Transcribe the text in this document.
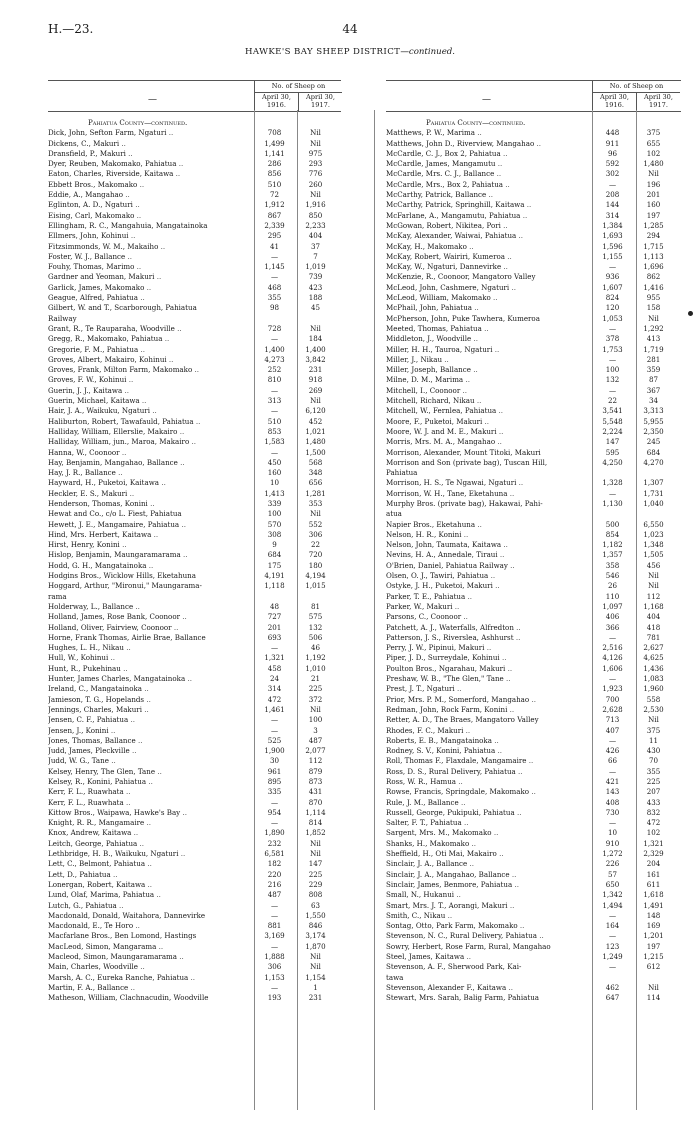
H.—23.	44
HAWKE'S BAY SHEEP DISTRICT—continued.
—
No. of Sheep on
April 30,
1916.
April 30,
1917.	—
No. of Sheep on
April 30,
1916.
April 30,
1917.
Pahiatua County—continued.
Dick, John, Sefton Farm, Ngaturi ..	708	Nil
Dickens, C., Makuri ..	1,499	Nil
Dransfield, P., Makuri ..	1,141	975
Dyer, Reuben, Makomako, Pahiatua ..	286	293
Eaton, Charles, Riverside, Kaitawa ..	856	776
Ebbett Bros., Makomako ..	510	260
Eddie, A., Mangahao ..	72	Nil
Eglinton, A. D., Ngaturi ..	1,912	1,916
Eising, Carl, Makomako ..	867	850
Ellingham, R. C., Mangahuia, Mangatainoka	2,339	2,233
Ellmers, John, Kohinui ..	295	404
Fitzsimmonds, W. M., Makaiho ..	41	37
Foster, W. J., Ballance ..	—	7
Fouhy, Thomas, Marimo ..	1,145	1,019
Gardner and Yeoman, Makuri ..	—	739
Garlick, James, Makomako ..	468	423
Geague, Alfred, Pahiatua ..	355	188
Gilbert, W. and T., Scarborough, Pahiatua	98	45
Railway
Grant, R., Te Rauparaha, Woodville ..	728	Nil
Gregg, R., Makomako, Pahiatua ..	—	184
Gregorie, F. M., Pahiatua ..	1,400	1,400
Groves, Albert, Makairo, Kohinui ..	4,273	3,842
Groves, Frank, Milton Farm, Makomako ..	252	231
Groves, F. W., Kohinui ..	810	918
Guerin, J. J., Kaitawa ..	—	269
Guerin, Michael, Kaitawa ..	313	Nil
Hair, J. A., Waikuku, Ngaturi ..	—	6,120
Haliburton, Robert, Tawafauld, Pahiatua ..	510	452
Halliday, William, Ellerslie, Makairo ..	853	1,021
Halliday, William, jun., Maroa, Makairo ..	1,583	1,480
Hanna, W., Coonoor ..	—	1,500
Hay, Benjamin, Mangahao, Ballance ..	450	568
Hay, J. R., Ballance ..	160	348
Hayward, H., Puketoi, Kaitawa ..	10	656
Heckler, E. S., Makuri ..	1,413	1,281
Henderson, Thomas, Konini ..	339	353
Hewat and Co., c/o L. Fiest, Pahiatua	100	Nil
Hewett, J. E., Mangamaire, Pahiatua ..	570	552
Hind, Mrs. Herbert, Kaitawa ..	308	306
Hirst, Henry, Konini ..	9	22
Hislop, Benjamin, Maungaramarama ..	684	720
Hodd, G. H., Mangatainoka ..	175	180
Hodgins Bros., Wicklow Hills, Eketahuna	4,191	4,194
Hoggard, Arthur, "Mironui," Maungarama-	1,118	1,015
rama
Holderway, L., Ballance ..	48	81
Holland, James, Rose Bank, Coonoor ..	727	575
Holland, Oliver, Fairview, Coonoor ..	201	132
Horne, Frank Thomas, Airlie Brae, Ballance	693	506
Hughes, L. H., Nikau ..	—	46
Hull, W., Kohinui ..	1,321	1,192
Hunt, R., Pukehinau ..	458	1,010
Hunter, James Charles, Mangatainoka ..	24	21
Ireland, C., Mangatainoka ..	314	225
Jamieson, T. G., Hopelands ..	472	372
Jennings, Charles, Makuri ..	1,461	Nil
Jensen, C. F., Pahiatua ..	—	100
Jensen, J., Konini ..	—	3
Jones, Thomas, Ballance ..	525	487
Judd, James, Pleckville ..	1,900	2,077
Judd, W. G., Tane ..	30	112
Kelsey, Henry, The Glen, Tane ..	961	879
Kelsey, R., Konini, Pahiatua ..	895	873
Kerr, F. L., Ruawhata ..	335	431
Kerr, F. L., Ruawhata ..	—	870
Kittow Bros., Waipawa, Hawke's Bay ..	954	1,114
Knight, R. R., Mangamaire ..	—	814
Knox, Andrew, Kaitawa ..	1,890	1,852
Leitch, George, Pahiatua ..	232	Nil
Lethbridge, H. B., Waikuku, Ngaturi ..	6,581	Nil
Lett, C., Belmont, Pahiatua ..	182	147
Lett, D., Pahiatua ..	220	225
Lonergan, Robert, Kaitawa ..	216	229
Lund, Olaf, Marima, Pahiatua ..	487	808
Lutch, G., Pahiatua ..	—	63
Macdonald, Donald, Waitahora, Dannevirke	—	1,550
Macdonald, E., Te Horo ..	881	846
Macfarlane Bros., Ben Lomond, Hastings	3,169	3,174
MacLeod, Simon, Mangarama ..	—	1,870
Macleod, Simon, Maungaramarama ..	1,888	Nil
Main, Charles, Woodville ..	306	Nil
Marsh, A. C., Eureka Ranche, Pahiatua ..	1,153	1,154
Martin, F. A., Ballance ..	—	1
Matheson, William, Clachnacudin, Woodville	193	231
Pahiatua County—continued.
Matthews, P. W., Marima ..	448	375
Matthews, John D., Riverview, Mangahao ..	911	655
McCardle, C. J., Box 2, Pahiatua ..	96	102
McCardle, James, Mangamutu ..	592	1,480
McCardle, Mrs. C. J., Ballance ..	302	Nil
McCardle, Mrs., Box 2, Pahiatua ..	—	196
McCarthy, Patrick, Ballance ..	208	201
McCarthy, Patrick, Springhill, Kaitawa ..	144	160
McFarlane, A., Mangamutu, Pahiatua ..	314	197
McGowan, Robert, Nikitea, Pori ..	1,384	1,285
McKay, Alexander, Waiwai, Pahiatua ..	1,693	294
McKay, H., Makomako ..	1,596	1,715
McKay, Robert, Wairiri, Kumeroa ..	1,155	1,113
McKay, W., Ngaturi, Dannevirke ..	—	1,696
McKenzie, R., Coonoor, Mangatoro Valley	936	862
McLeod, John, Cashmere, Ngaturi ..	1,607	1,416
McLeod, William, Makomako ..	824	955
McPhail, John, Pahiatua ..	120	158
McPherson, John, Puke Tawhera, Kumeroa	1,053	Nil
Meeted, Thomas, Pahiatua ..	—	1,292
Middleton, J., Woodville ..	378	413
Miller, H. H., Tauroa, Ngaturi ..	1,753	1,719
Miller, J., Nikau ..	—	281
Miller, Joseph, Ballance ..	100	359
Milne, D. M., Marima ..	132	87
Mitchell, I., Coonoor ..	—	367
Mitchell, Richard, Nikau ..	22	34
Mitchell, W., Fernlea, Pahiatua ..	3,541	3,313
Moore, F., Puketoi, Makuri ..	5,548	5,955
Moore, W. J. and M. E., Makuri ..	2,224	2,350
Morris, Mrs. M. A., Mangahao ..	147	245
Morrison, Alexander, Mount Titoki, Makuri	595	684
Morrison and Son (private bag), Tuscan Hill,	4,250	4,270
Pahiatua
Morrison, H. S., Te Ngawai, Ngaturi ..	1,328	1,307
Morrison, W. H., Tane, Eketahuna ..	—	1,731
Murphy Bros. (private bag), Hakawai, Pahi-	1,130	1,040
atua
Napier Bros., Eketahuna ..	500	6,550
Nelson, H. R., Konini ..	854	1,023
Nelson, John, Taumata, Kaitawa ..	1,182	1,348
Nevins, H. A., Annedale, Tiraui ..	1,357	1,505
O'Brien, Daniel, Pahiatua Railway ..	358	456
Olsen, O. J., Tawiri, Pahiatua ..	546	Nil
Ostyke, J. H., Puketoi, Makuri ..	26	Nil
Parker, T. E., Pahiatua ..	110	112
Parker, W., Makuri ..	1,097	1,168
Parsons, C., Coonoor ..	406	404
Patchett, A. J., Waterfalls, Alfredton ..	366	418
Patterson, J. S., Riverslea, Ashhurst ..	—	781
Perry, J. W., Pipinui, Makuri ..	2,516	2,627
Piper, J. D., Surreydale, Kohinui ..	4,126	4,625
Poulton Bros., Ngarahau, Makuri ..	1,606	1,436
Preshaw, W. B., "The Glen," Tane ..	—	1,083
Prest, J. T., Ngaturi ..	1,923	1,960
Prior, Mrs. P. M., Somerford, Mangahao ..	700	558
Redman, John, Rock Farm, Konini ..	2,628	2,530
Retter, A. D., The Braes, Mangatoro Valley	713	Nil
Rhodes, F. C., Makuri ..	407	375
Roberts, E. B., Mangatainoka ..	—	11
Rodney, S. V., Konini, Pahiatua ..	426	430
Roll, Thomas F., Flaxdale, Mangamaire ..	66	70
Ross, D. S., Rural Delivery, Pahiatua ..	—	355
Ross, W. R., Hamua ..	421	225
Rowse, Francis, Springdale, Makomako ..	143	207
Rule, J. M., Ballance ..	408	433
Russell, George, Pukipuki, Pahiatua ..	730	832
Salter, F. T., Pahiatua ..	—	472
Sargent, Mrs. M., Makomako ..	10	102
Shanks, H., Makomako ..	910	1,321
Sheffield, H., Oti Mai, Makairo ..	1,272	2,329
Sinclair, J. A., Ballance ..	226	204
Sinclair, J. A., Mangahao, Ballance ..	57	161
Sinclair, James, Benmore, Pahiatua ..	650	611
Small, N., Hukanui ..	1,342	1,618
Smart, Mrs. J. T., Aorangi, Makuri ..	1,494	1,491
Smith, C., Nikau ..	—	148
Sontag, Otto, Park Farm, Makomako ..	164	169
Stevenson, N. C., Rural Delivery, Pahiatua ..	—	1,201
Sowry, Herbert, Rose Farm, Rural, Mangahao	123	197
Steel, James, Kaitawa ..	1,249	1,215
Stevenson, A. F., Sherwood Park, Kai-	—	612
tawa
Stevenson, Alexander F., Kaitawa ..	462	Nil
Stewart, Mrs. Sarah, Balig Farm, Pahiatua	647	114
